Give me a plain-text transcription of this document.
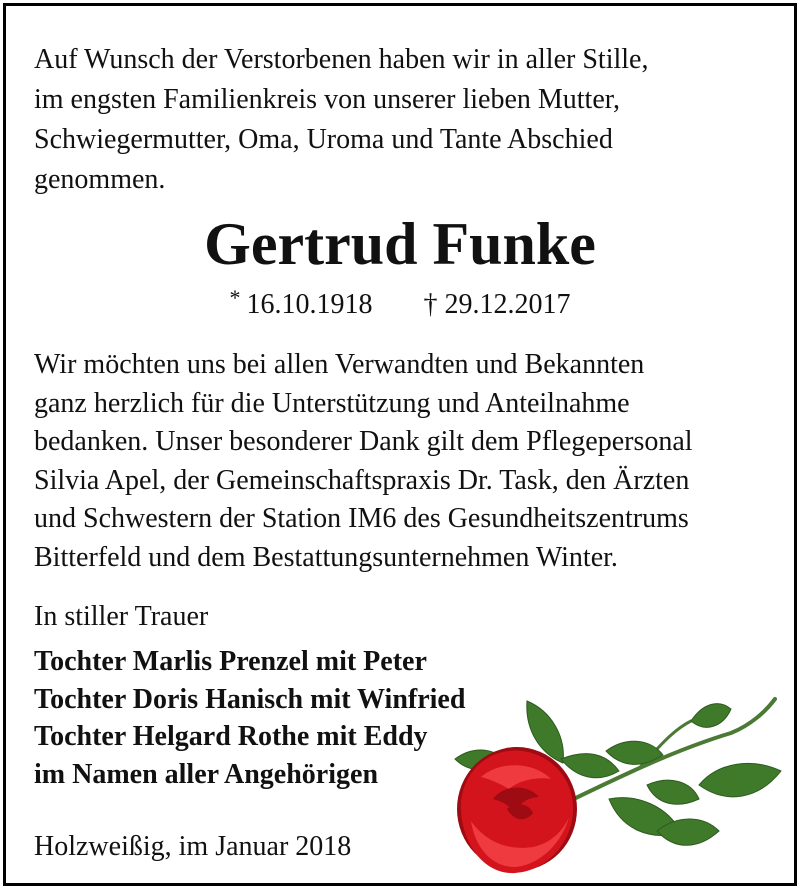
Auf Wunsch der Verstorbenen haben wir in aller Stille,
im engsten Familienkreis von unserer lieben Mutter,
Schwiegermutter, Oma, Uroma und Tante Abschied
genommen.

Gertrud Funke
* 16.10.1918 † 29.12.2017

Wir möchten uns bei allen Verwandten und Bekannten
ganz herzlich für die Unterstützung und Anteilnahme
bedanken. Unser besonderer Dank gilt dem Pflegepersonal
Silvia Apel, der Gemeinschaftspraxis Dr. Task, den Ärzten
und Schwestern der Station IM6 des Gesundheitszentrums
Bitterfeld und dem Bestattungsunternehmen Winter.

In stiller Trauer
Tochter Marlis Prenzel mit Peter
Tochter Doris Hanisch mit Winfried
Tochter Helgard Rothe mit Eddy
im Namen aller Angehörigen
Holzweißig, im Januar 2018
